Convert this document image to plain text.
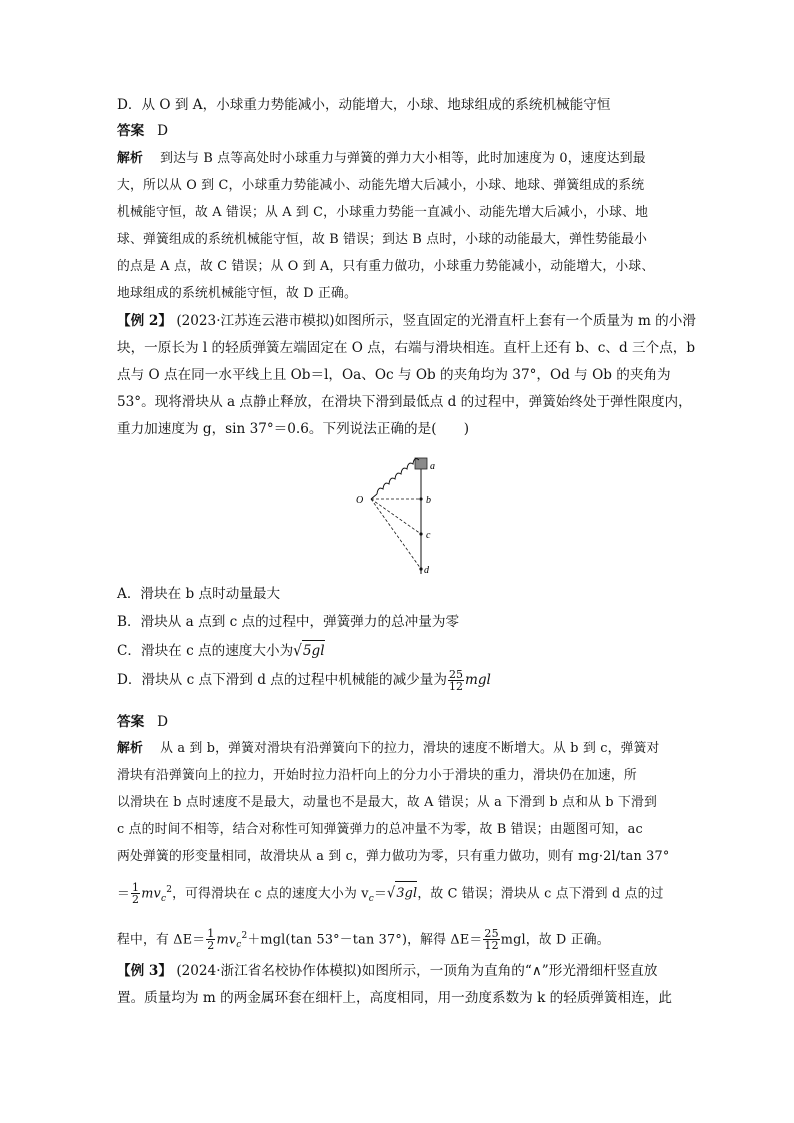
D．从 O 到 A，小球重力势能减小，动能增大，小球、地球组成的系统机械能守恒
答案 D
解析 到达与 B 点等高处时小球重力与弹簧的弹力大小相等，此时加速度为 0，速度达到最
大，所以从 O 到 C，小球重力势能减小、动能先增大后减小，小球、地球、弹簧组成的系统
机械能守恒，故 A 错误；从 A 到 C，小球重力势能一直减小、动能先增大后减小，小球、地
球、弹簧组成的系统机械能守恒，故 B 错误；到达 B 点时，小球的动能最大，弹性势能最小
的点是 A 点，故 C 错误；从 O 到 A，只有重力做功，小球重力势能减小，动能增大，小球、
地球组成的系统机械能守恒，故 D 正确。
【例 2】 (2023·江苏连云港市模拟)如图所示，竖直固定的光滑直杆上套有一个质量为 m 的小滑
块，一原长为 l 的轻质弹簧左端固定在 O 点，右端与滑块相连。直杆上还有 b、c、d 三个点，b
点与 O 点在同一水平线上且 Ob＝l，Oa、Oc 与 Ob 的夹角均为 37°，Od 与 Ob 的夹角为
53°。现将滑块从 a 点静止释放，在滑块下滑到最低点 d 的过程中，弹簧始终处于弹性限度内，
重力加速度为 g，sin 37°＝0.6。下列说法正确的是(　　)
a
b
c
d
O
A．滑块在 b 点时动量最大
B．滑块从 a 点到 c 点的过程中，弹簧弹力的总冲量为零
C．滑块在 c 点的速度大小为√5gl
D．滑块从 c 点下滑到 d 点的过程中机械能的减少量为 $\frac{25}{12}$ mgl
答案 D
解析 从 a 到 b，弹簧对滑块有沿弹簧向下的拉力，滑块的速度不断增大。从 b 到 c，弹簧对
滑块有沿弹簧向上的拉力，开始时拉力沿杆向上的分力小于滑块的重力，滑块仍在加速，所
以滑块在 b 点时速度不是最大，动量也不是最大，故 A 错误；从 a 下滑到 b 点和从 b 下滑到
c 点的时间不相等，结合对称性可知弹簧弹力的总冲量不为零，故 B 错误；由题图可知，ac
两处弹簧的形变量相同，故滑块从 a 到 c，弹力做功为零，只有重力做功，则有 mg·2l/tan 37°
＝ $\frac{1}{2} mv_c^2$，可得滑块在 c 点的速度大小为 $v_c=√3gl$，故 C 错误；滑块从 c 点下滑到 d 点的过
程中，有 $\Delta E= \frac{1}{2} mv_c^2+mgl(\tan$ 53°－tan 37°)，解得 $\Delta E= \frac{25}{12}$ mgl，故 D 正确。
【例 3】 (2024·浙江省名校协作体模拟)如图所示，一顶角为直角的“∧”形光滑细杆竖直放
置。质量均为 m 的两金属环套在细杆上，高度相同，用一劲度系数为 k 的轻质弹簧相连，此
